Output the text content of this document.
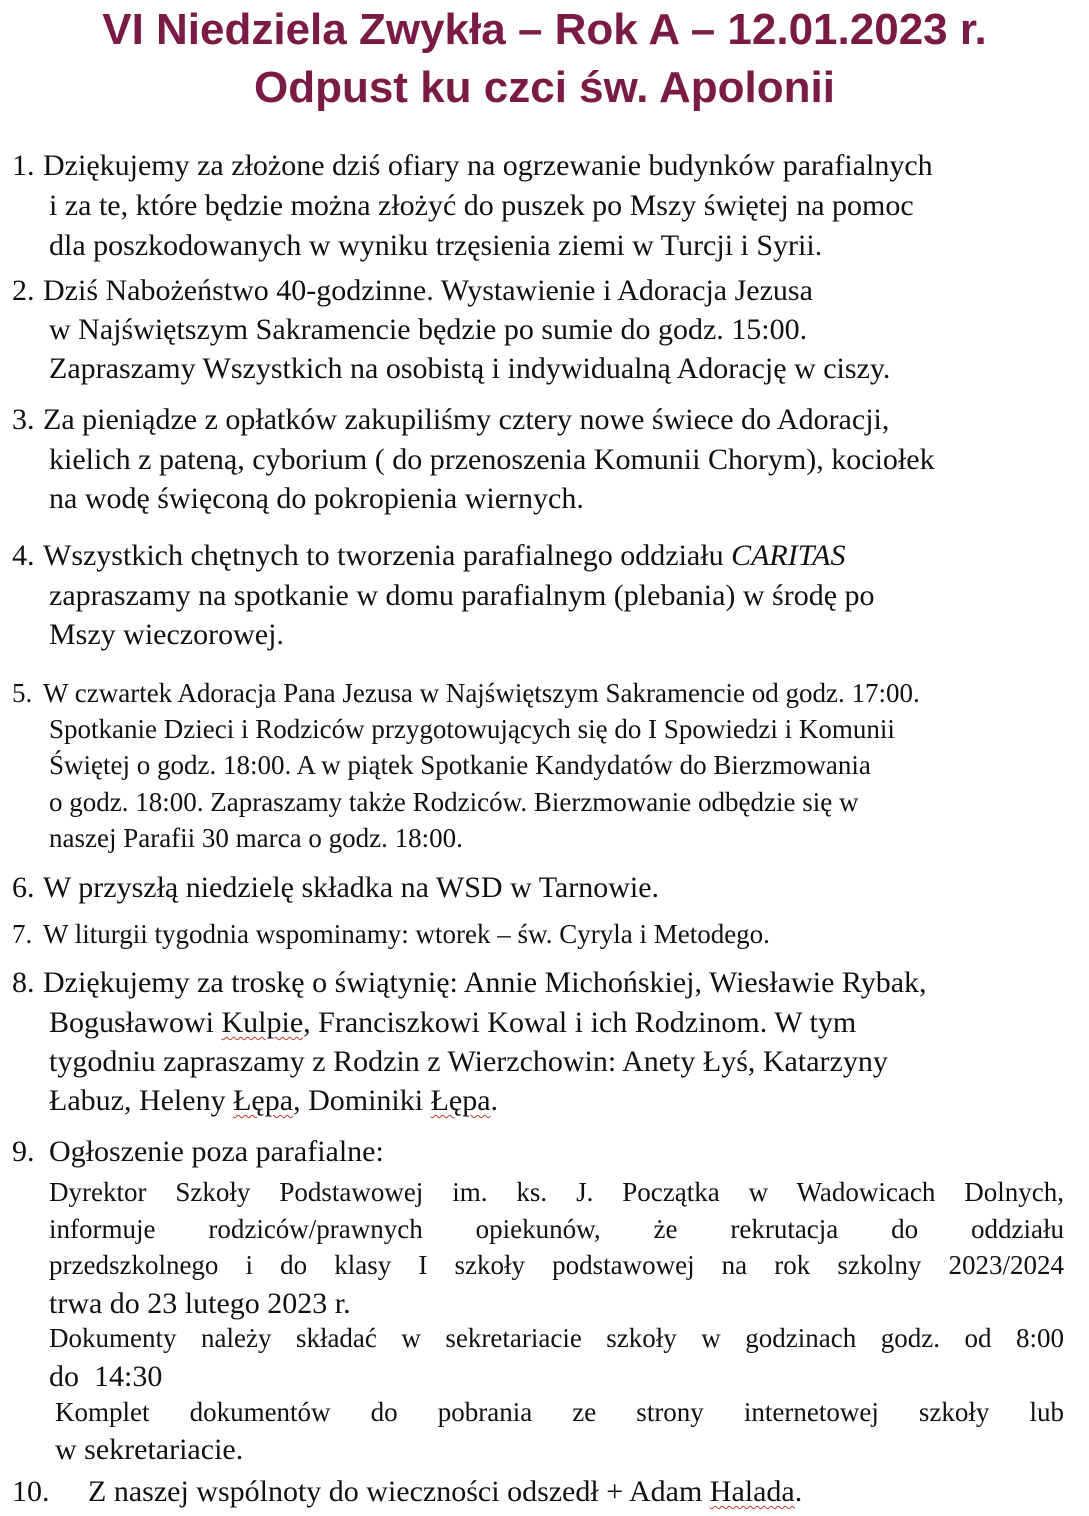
VI Niedziela Zwykła – Rok A – 12.01.2023 r.
Odpust ku czci św. Apolonii
1. Dziękujemy za złożone dziś ofiary na ogrzewanie budynków parafialnych
i za te, które będzie można złożyć do puszek po Mszy świętej na pomoc
dla poszkodowanych w wyniku trzęsienia ziemi w Turcji i Syrii.
2. Dziś Nabożeństwo 40-godzinne. Wystawienie i Adoracja Jezusa
w Najświętszym Sakramencie będzie po sumie do godz. 15:00.
Zapraszamy Wszystkich na osobistą i indywidualną Adorację w ciszy.
3. Za pieniądze z opłatków zakupiliśmy cztery nowe świece do Adoracji,
kielich z pateną, cyborium ( do przenoszenia Komunii Chorym), kociołek
na wodę święconą do pokropienia wiernych.
4. Wszystkich chętnych to tworzenia parafialnego oddziału CARITAS
zapraszamy na spotkanie w domu parafialnym (plebania) w środę po
Mszy wieczorowej.
5. W czwartek Adoracja Pana Jezusa w Najświętszym Sakramencie od godz. 17:00.
Spotkanie Dzieci i Rodziców przygotowujących się do I Spowiedzi i Komunii
Świętej o godz. 18:00. A w piątek Spotkanie Kandydatów do Bierzmowania
o godz. 18:00. Zapraszamy także Rodziców. Bierzmowanie odbędzie się w
naszej Parafii 30 marca o godz. 18:00.
6. W przyszłą niedzielę składka na WSD w Tarnowie.
7. W liturgii tygodnia wspominamy: wtorek – św. Cyryla i Metodego.
8. Dziękujemy za troskę o świątynię: Annie Michońskiej, Wiesławie Rybak,
Bogusławowi Kulpie, Franciszkowi Kowal i ich Rodzinom. W tym
tygodniu zapraszamy z Rodzin z Wierzchowin: Anety Łyś, Katarzyny
Łabuz, Heleny Łępa, Dominiki Łępa.
9. Ogłoszenie poza parafialne:
Dyrektor Szkoły Podstawowej im. ks. J. Początka w Wadowicach Dolnych,
informuje rodziców/prawnych opiekunów, że rekrutacja do oddziału
przedszkolnego i do klasy I szkoły podstawowej na rok szkolny 2023/2024
trwa do 23 lutego 2023 r.
Dokumenty należy składać w sekretariacie szkoły w godzinach godz. od 8:00
do  14:30
Komplet dokumentów do pobrania ze strony internetowej szkoły lub
w sekretariacie.
10. Z naszej wspólnoty do wieczności odszedł + Adam Halada.
